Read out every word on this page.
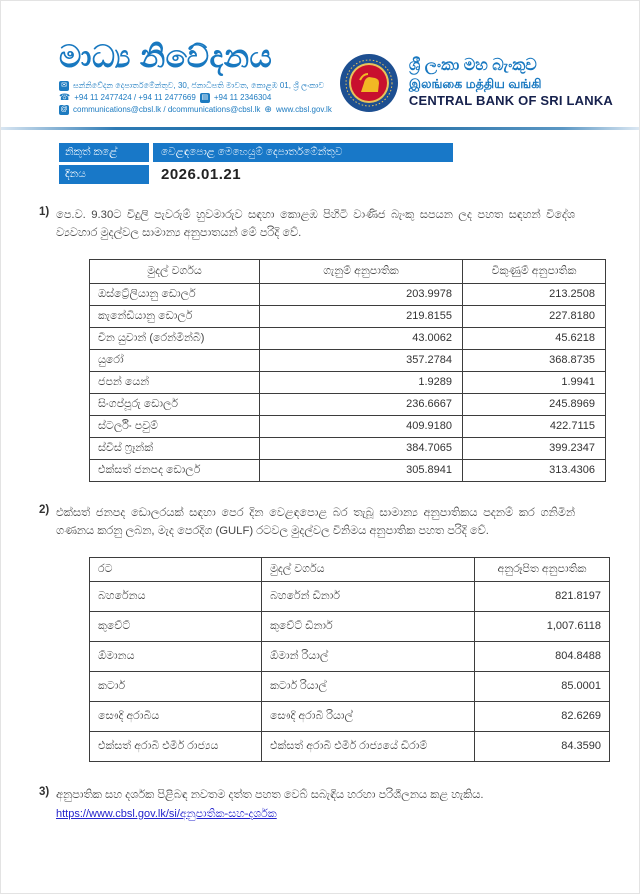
මාධ්‍ය නිවේදනය
✉ සන්නිවේදන දෙපාර්තමේන්තුව, 30, ජනාධිපති මාවත, කොළඹ 01, ශ්‍රී ලංකාව
☎ +94 11 2477424 / +94 11 2477669 ▤ +94 11 2346304
@ communications@cbsl.lk / dcommunications@cbsl.lk ⊕ www.cbsl.gov.lk
ශ්‍රී ලංකා මහ බැංකුව
இலங்கை மத்திய வங்கி
CENTRAL BANK OF SRI LANKA
නිකුත් කළේ	වෙළඳපොළ මෙහෙයුම් දෙපාර්තමේන්තුව
දිනය	2026.01.21
1) පෙ.ව. 9.30ට විදුලි පැවරුම් හුවමාරුව සඳහා කොළඹ පිහිටි වාණිජ බැංකු සපයන ලද පහත සඳහන් විදේශ ව්‍යවහාර මුදල්වල සාමාන්‍ය අනුපාතයන් මේ පරිදි වේ.
මුදල් වර්ගය	ගැනුම් අනුපාතික	විකුණුම් අනුපාතික
ඔස්ට්‍රේලියානු ඩොලර්	203.9978	213.2508
කැනේඩියානු ඩොලර්	219.8155	227.8180
චීන යුවාන් (රෙන්මින්බි)	43.0062	45.6218
යුරෝ	357.2784	368.8735
ජපන් යෙන්	1.9289	1.9941
සිංගප්පූරු ඩොලර්	236.6667	245.8969
ස්ටර්ලිං පවුම්	409.9180	422.7115
ස්විස් ෆ්‍රෑන්ක්	384.7065	399.2347
එක්සත් ජනපද ඩොලර්	305.8941	313.4306
2) එක්සත් ජනපද ඩොලරයක් සඳහා පෙර දින වෙළඳපොළ බර තැබූ සාමාන්‍ය අනුපාතිකය පදනම් කර ගනිමින් ගණනය කරනු ලබන, මැද පෙරදිග (GULF) රටවල මුදල්වල විනිමය අනුපාතික පහත පරිදි වේ.
රට	මුදල් වර්ගය	අනුරූපිත අනුපාතික
බහරේනය	බහරේන් ඩිනාර්	821.8197
කුවේට්	කුවේට් ඩිනාර්	1,007.6118
ඕමානය	ඕමාන් රියාල්	804.8488
කටාර්	කටාර් රියාල්	85.0001
සෞදි අරාබිය	සෞදි අරාබි රියාල්	82.6269
එක්සත් අරාබි එමීර් රාජ්‍යය	එක්සත් අරාබි එමීර් රාජ්‍යයේ ඩිරාම්	84.3590
3) අනුපාතික සහ දර්ශක පිළිබඳ නවතම දත්ත පහත වෙබ් සබැඳිය හරහා පරිශීලනය කළ හැකිය.
https://www.cbsl.gov.lk/si/අනුපාතික-සහ-දර්ශක
